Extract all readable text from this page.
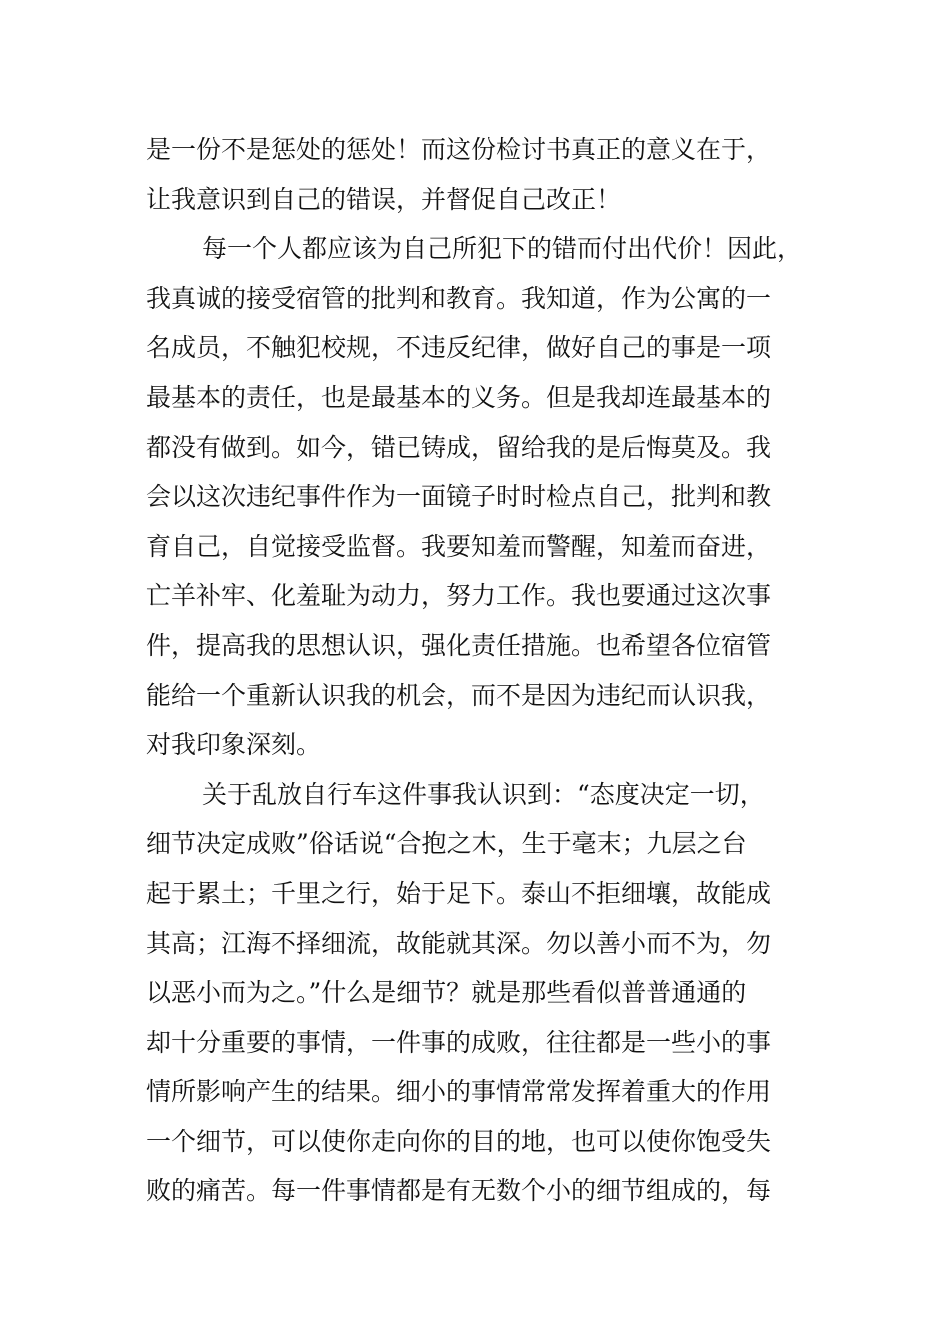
是一份不是惩处的惩处！而这份检讨书真正的意义在于，
让我意识到自己的错误，并督促自己改正！
每一个人都应该为自己所犯下的错而付出代价！因此，
我真诚的接受宿管的批判和教育。我知道，作为公寓的一
名成员，不触犯校规，不违反纪律，做好自己的事是一项
最基本的责任，也是最基本的义务。但是我却连最基本的
都没有做到。如今，错已铸成，留给我的是后悔莫及。我
会以这次违纪事件作为一面镜子时时检点自己，批判和教
育自己，自觉接受监督。我要知羞而警醒，知羞而奋进，
亡羊补牢、化羞耻为动力，努力工作。我也要通过这次事
件，提高我的思想认识，强化责任措施。也希望各位宿管
能给一个重新认识我的机会，而不是因为违纪而认识我，
对我印象深刻。
关于乱放自行车这件事我认识到：“态度决定一切，
细节决定成败”俗话说“合抱之木，生于毫末；九层之台
起于累土；千里之行，始于足下。泰山不拒细壤，故能成
其高；江海不择细流，故能就其深。勿以善小而不为，勿
以恶小而为之。”什么是细节？就是那些看似普普通通的
却十分重要的事情，一件事的成败，往往都是一些小的事
情所影响产生的结果。细小的事情常常发挥着重大的作用
一个细节，可以使你走向你的目的地，也可以使你饱受失
败的痛苦。每一件事情都是有无数个小的细节组成的，每
